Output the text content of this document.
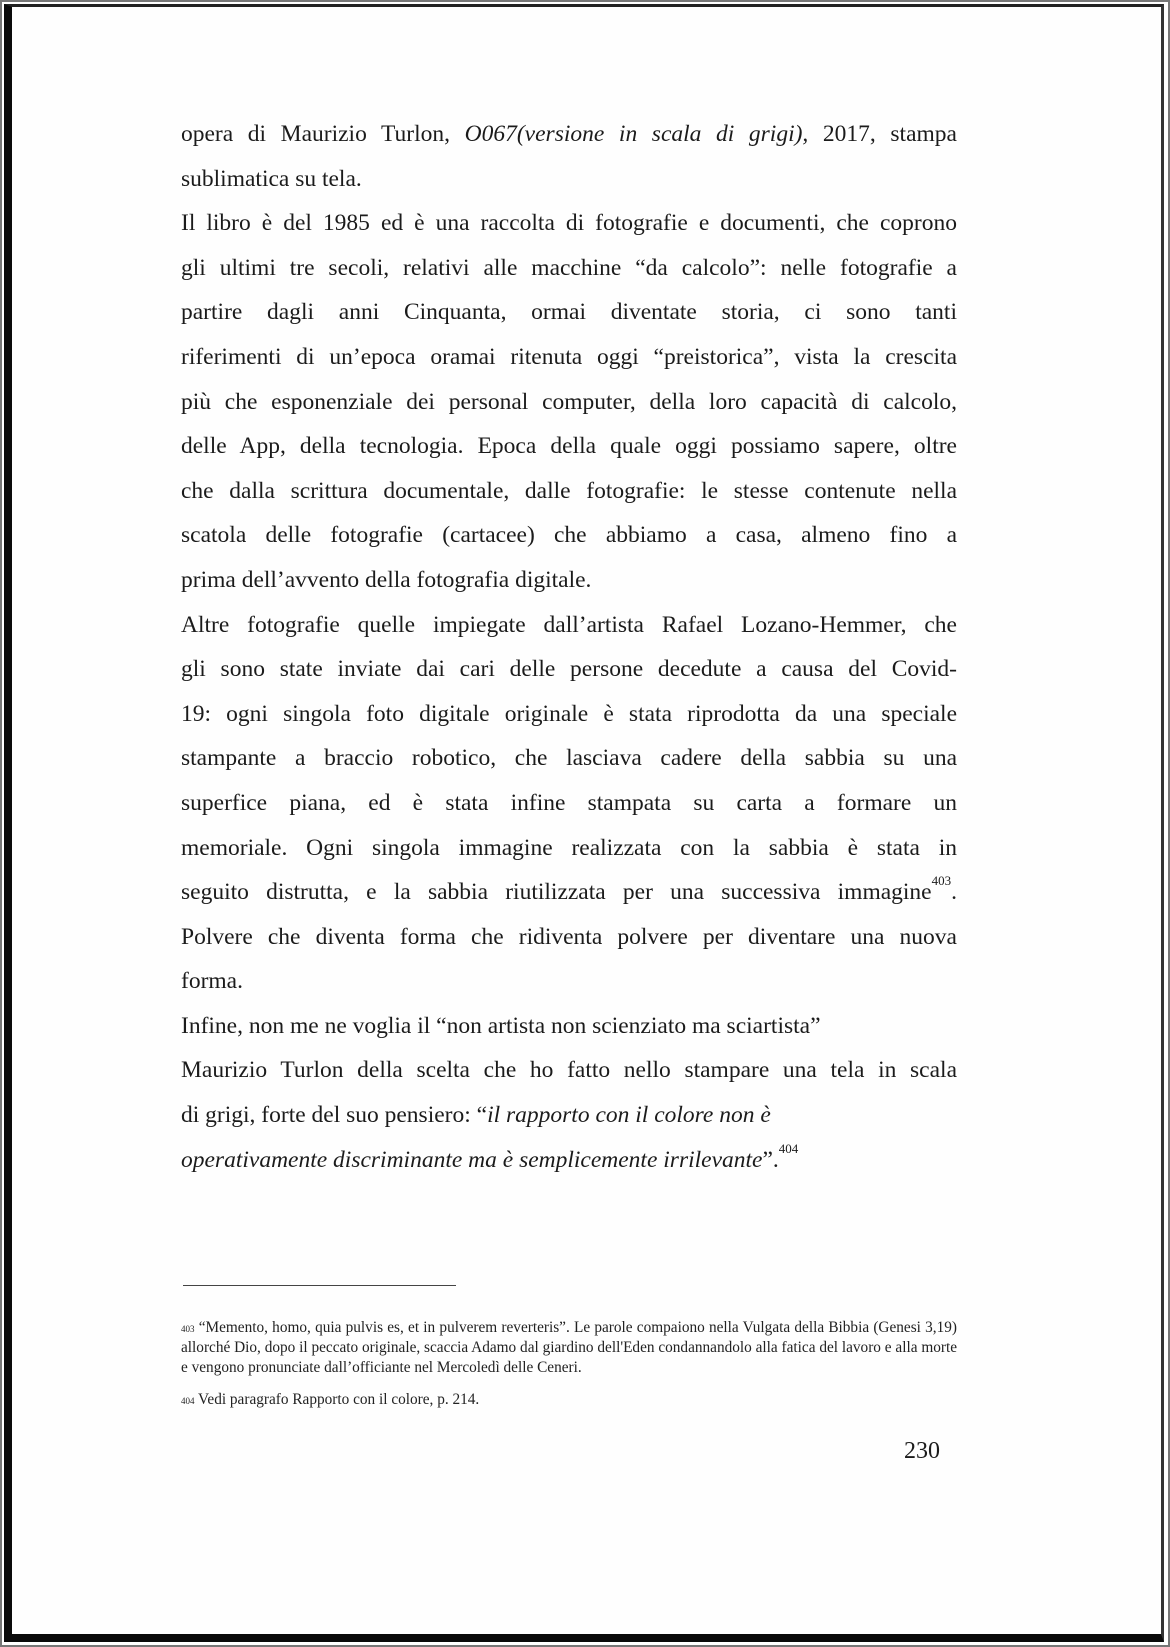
opera di Maurizio Turlon, O067(versione in scala di grigi), 2017, stampa
sublimatica su tela.
Il libro è del 1985 ed è una raccolta di fotografie e documenti, che coprono
gli ultimi tre secoli, relativi alle macchine “da calcolo”: nelle fotografie a
partire dagli anni Cinquanta, ormai diventate storia, ci sono tanti
riferimenti di un’epoca oramai ritenuta oggi “preistorica”, vista la crescita
più che esponenziale dei personal computer, della loro capacità di calcolo,
delle App, della tecnologia. Epoca della quale oggi possiamo sapere, oltre
che dalla scrittura documentale, dalle fotografie: le stesse contenute nella
scatola delle fotografie (cartacee) che abbiamo a casa, almeno fino a
prima dell’avvento della fotografia digitale.
Altre fotografie quelle impiegate dall’artista Rafael Lozano-Hemmer, che
gli sono state inviate dai cari delle persone decedute a causa del Covid-
19: ogni singola foto digitale originale è stata riprodotta da una speciale
stampante a braccio robotico, che lasciava cadere della sabbia su una
superfice piana, ed è stata infine stampata su carta a formare un
memoriale. Ogni singola immagine realizzata con la sabbia è stata in
seguito distrutta, e la sabbia riutilizzata per una successiva immagine$^{403}$.
Polvere che diventa forma che ridiventa polvere per diventare una nuova
forma.
Infine, non me ne voglia il “non artista non scienziato ma sciartista”
Maurizio Turlon della scelta che ho fatto nello stampare una tela in scala
di grigi, forte del suo pensiero: “il rapporto con il colore non è
operativamente discriminante ma è semplicemente irrilevante”.$^{404}$

$^{403}$ “Memento, homo, quia pulvis es, et in pulverem reverteris”. Le parole compaiono nella Vulgata della Bibbia (Genesi 3,19) allorché Dio, dopo il peccato originale, scaccia Adamo dal giardino dell'Eden condannandolo alla fatica del lavoro e alla morte e vengono pronunciate dall’officiante nel Mercoledì delle Ceneri.

$^{404}$ Vedi paragrafo Rapporto con il colore, p. 214.

230
